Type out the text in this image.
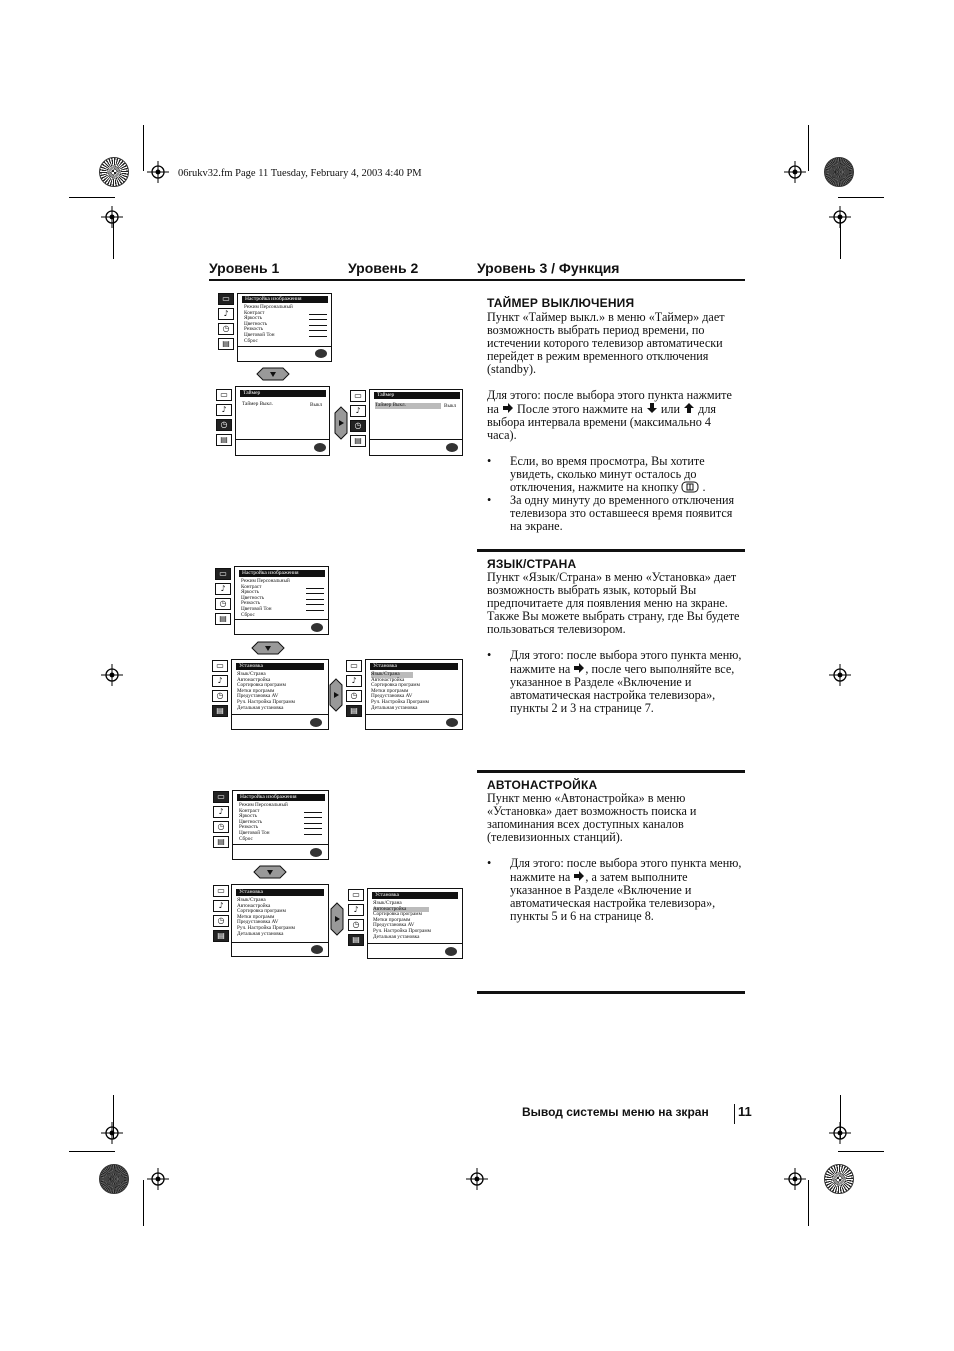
06rukv32.fm Page 11 Tuesday, February 4, 2003 4:40 PM
Уровень 1	Уровень 2	Уровень 3 / Функция
ТАЙМЕР ВЫКЛЮЧЕНИЯ

Пункт «Таймер выкл.» в меню «Таймер» дает возможность выбрать период времени, по истечении которого телевизор автоматически перейдет в режим временного отключения (standby).

Для этого: после выбора этого пункта нажмите на После этого нажмите на или для выбора интервала времени (максимально 4 часа).

• Если, во время просмотра, Вы хотите увидеть, сколько минут осталось до отключения, нажмите на кнопку  .

• За одну минуту до временного отключения телевизора зто оставшееся время появится на экране.

▭
♪
◷
▤
Настройка изображения
Режим Персональный
Контраст
Яркость
Цветность
Резкость
Цветовой Тон
Сброс
▭
♪
◷
▤
Таймер
Таймер Выкл.	Выкл
▭
♪
◷
▤
Таймер
Таймер Выкл.	Выкл
ЯЗЫК/СТРАНА

Пункт «Язык/Страна» в меню «Установка» дает возможность выбрать язык, который Вы предпочитаете для появления меню на зкране. Также Вы можете выбрать страну, где Вы будете пользоваться телевизором.

• Для этого: после выбора этого пункта меню, нажмите на , после чего выполняйте все, указанное в Разделе «Включение и автоматическая настройка телевизора», пункты 2 и 3 на странице 7.

▭
♪
◷
▤
Настройка изображения
Режим Персональный
Контраст
Яркость
Цветность
Резкость
Цветовой Тон
Сброс
▭
♪
◷
▤
Установка
Язык/Страна
Автонастройка
Сортировка программ
Метки программ
Предустановка AV
Руч. Настройка Программ
Детальная установка
▭
♪
◷
▤
Установка
Язык/Страна
Автонастройка
Сортировка программ
Метки программ
Предустановка AV
Руч. Настройка Программ
Детальная установка
АВТОНАСТРОЙКА

Пункт меню «Автонастройка» в меню «Установка» дает возможность поиска и запоминания всех доступных каналов (телевизионных станций).

• Для этого: после выбора этого пункта меню, нажмите на , а затем выполните указанное в Разделе «Включение и автоматическая настройка телевизора», пункты 5 и 6 на странице 8.

▭
♪
◷
▤
Настройка изображения
Режим Персональный
Контраст
Яркость
Цветность
Резкость
Цветовой Тон
Сброс
▭
♪
◷
▤
Установка
Язык/Страна
Автонастройка
Сортировка программ
Метки программ
Предустановка AV
Руч. Настройка Программ
Детальная установка
▭
♪
◷
▤
Установка
Язык/Страна
Автонастройка
Сортировка программ
Метки программ
Предустановка AV
Руч. Настройка Программ
Детальная установка
Вывод системы меню на зкран 11
